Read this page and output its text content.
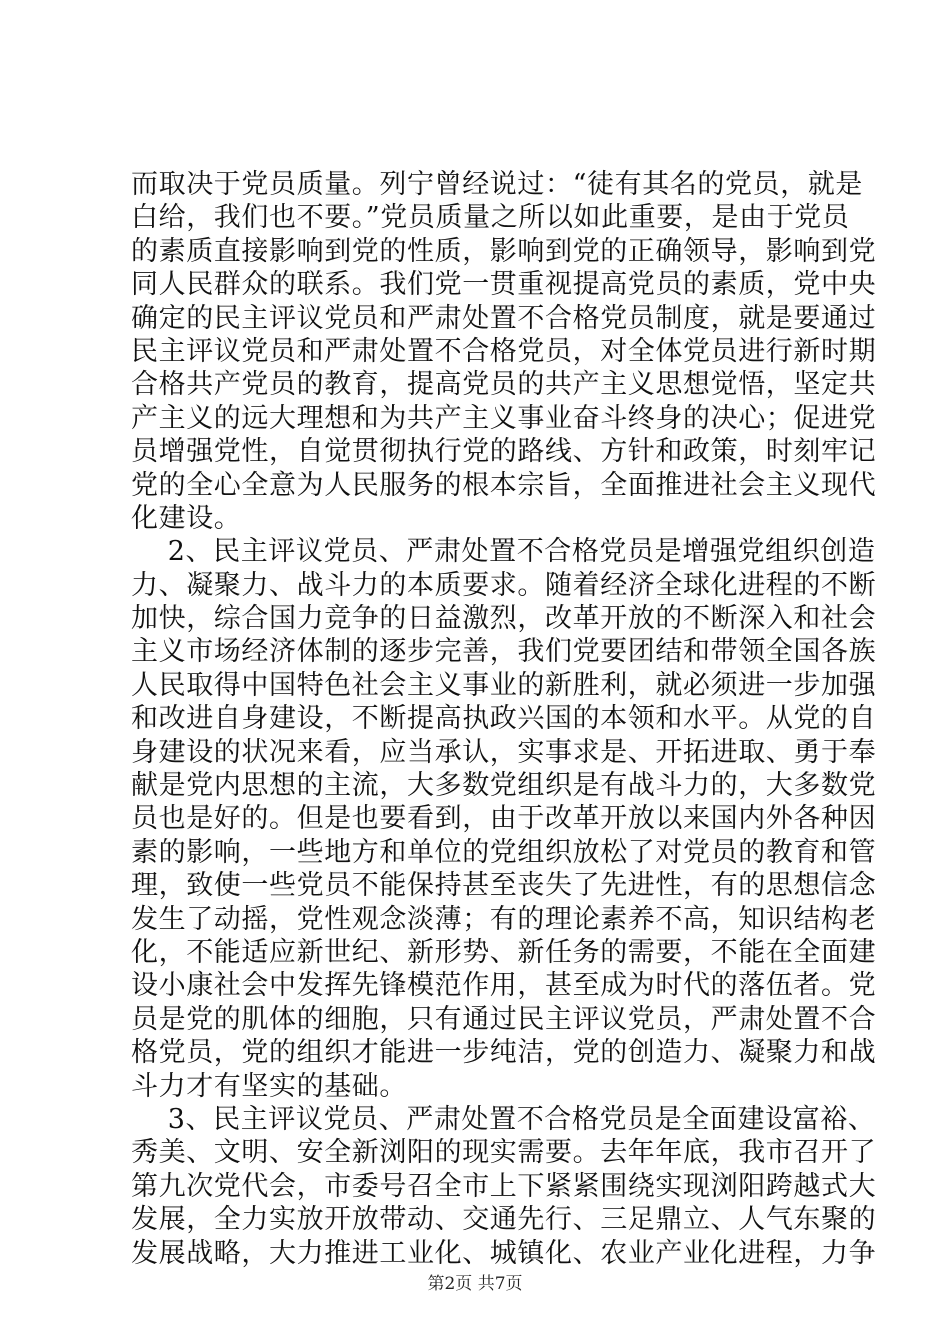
而取决于党员质量。列宁曾经说过：“徒有其名的党员，就是
白给，我们也不要。”党员质量之所以如此重要，是由于党员
的素质直接影响到党的性质，影响到党的正确领导，影响到党
同人民群众的联系。我们党一贯重视提高党员的素质，党中央
确定的民主评议党员和严肃处置不合格党员制度，就是要通过
民主评议党员和严肃处置不合格党员，对全体党员进行新时期
合格共产党员的教育，提高党员的共产主义思想觉悟，坚定共
产主义的远大理想和为共产主义事业奋斗终身的决心；促进党
员增强党性，自觉贯彻执行党的路线、方针和政策，时刻牢记
党的全心全意为人民服务的根本宗旨，全面推进社会主义现代
化建设。
2、民主评议党员、严肃处置不合格党员是增强党组织创造
力、凝聚力、战斗力的本质要求。随着经济全球化进程的不断
加快，综合国力竞争的日益激烈，改革开放的不断深入和社会
主义市场经济体制的逐步完善，我们党要团结和带领全国各族
人民取得中国特色社会主义事业的新胜利，就必须进一步加强
和改进自身建设，不断提高执政兴国的本领和水平。从党的自
身建设的状况来看，应当承认，实事求是、开拓进取、勇于奉
献是党内思想的主流，大多数党组织是有战斗力的，大多数党
员也是好的。但是也要看到，由于改革开放以来国内外各种因
素的影响，一些地方和单位的党组织放松了对党员的教育和管
理，致使一些党员不能保持甚至丧失了先进性，有的思想信念
发生了动摇，党性观念淡薄；有的理论素养不高，知识结构老
化，不能适应新世纪、新形势、新任务的需要，不能在全面建
设小康社会中发挥先锋模范作用，甚至成为时代的落伍者。党
员是党的肌体的细胞，只有通过民主评议党员，严肃处置不合
格党员，党的组织才能进一步纯洁，党的创造力、凝聚力和战
斗力才有坚实的基础。
3、民主评议党员、严肃处置不合格党员是全面建设富裕、
秀美、文明、安全新浏阳的现实需要。去年年底，我市召开了
第九次党代会，市委号召全市上下紧紧围绕实现浏阳跨越式大
发展，全力实放开放带动、交通先行、三足鼎立、人气东聚的
发展战略，大力推进工业化、城镇化、农业产业化进程，力争
第2页 共7页
